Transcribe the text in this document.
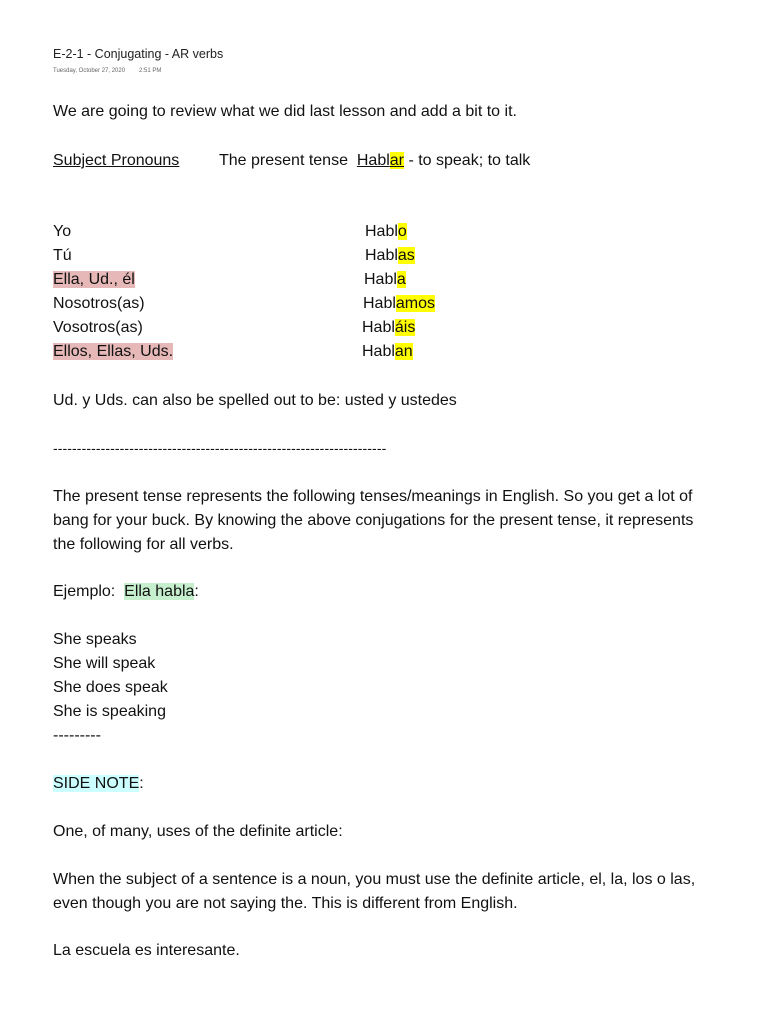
E-2-1 - Conjugating - AR verbs
Tuesday, October 27, 2020 2:51 PM
We are going to review what we did last lesson and add a bit to it.
Subject Pronouns The present tense Hablar - to speak; to talk
Yo	Hablo
Tú	Hablas
Ella, Ud., él	Habla
Nosotros(as)	Hablamos
Vosotros(as)	Habláis
Ellos, Ellas, Uds.	Hablan
Ud. y Uds. can also be spelled out to be: usted y ustedes
----------------------------------------------------------------------
The present tense represents the following tenses/meanings in English. So you get a lot of
bang for your buck. By knowing the above conjugations for the present tense, it represents
the following for all verbs.
Ejemplo:  Ella habla:
She speaks
She will speak
She does speak
She is speaking
---------
SIDE NOTE:
One, of many, uses of the definite article:
When the subject of a sentence is a noun, you must use the definite article, el, la, los o las,
even though you are not saying the. This is different from English.
La escuela es interesante.
